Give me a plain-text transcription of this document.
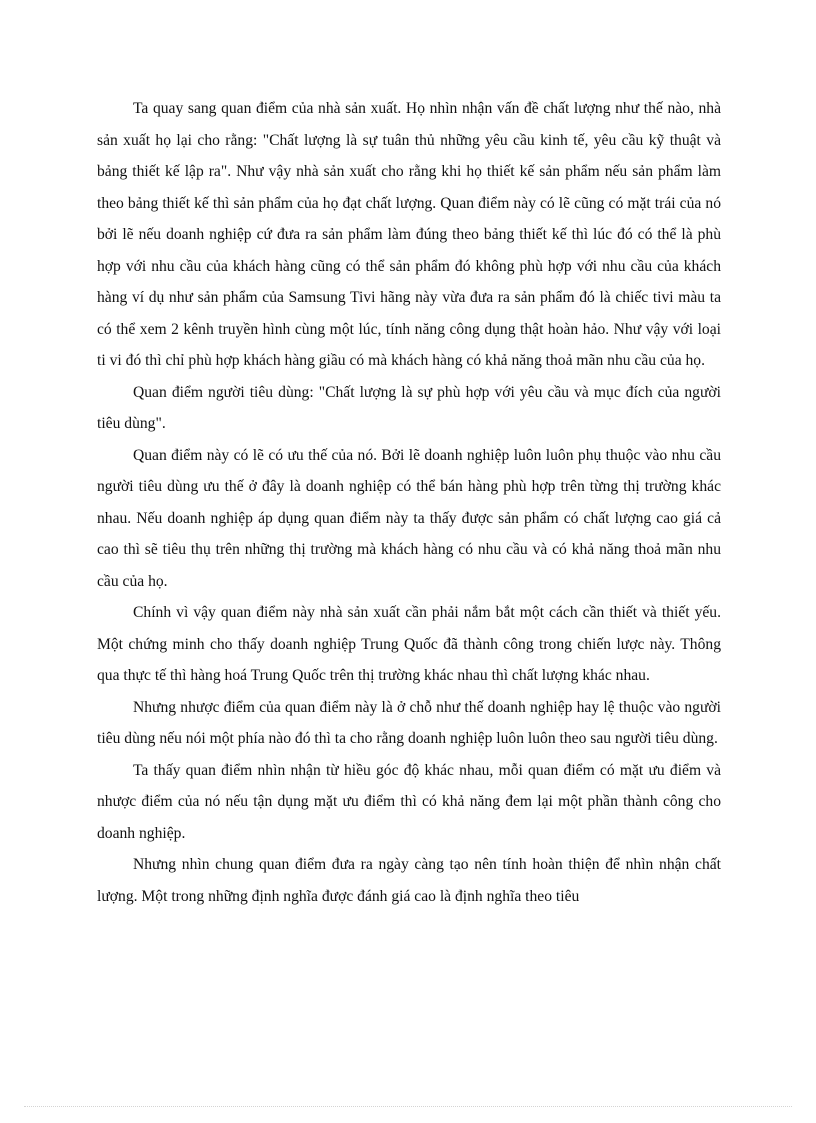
Ta quay sang quan điểm của nhà sản xuất. Họ nhìn nhận vấn đề chất lượng như thế nào, nhà sản xuất họ lại cho rằng: "Chất lượng là sự tuân thủ những yêu cầu kinh tế, yêu cầu kỹ thuật và bảng thiết kế lập ra". Như vậy nhà sản xuất cho rằng khi họ thiết kế sản phẩm nếu sản phẩm làm theo bảng thiết kế thì sản phẩm của họ đạt chất lượng. Quan điểm này có lẽ cũng có mặt trái của nó bởi lẽ nếu doanh nghiệp cứ đưa ra sản phẩm làm đúng theo bảng thiết kế thì lúc đó có thể là phù hợp với nhu cầu của khách hàng cũng có thể sản phẩm đó không phù hợp với nhu cầu của khách hàng ví dụ như sản phẩm của Samsung Tivi hãng này vừa đưa ra sản phẩm đó là chiếc tivi màu ta có thể xem 2 kênh truyền hình cùng một lúc, tính năng công dụng thật hoàn hảo. Như vậy với loại ti vi đó thì chỉ phù hợp khách hàng giầu có mà khách hàng có khả năng thoả mãn nhu cầu của họ.

Quan điểm người tiêu dùng: "Chất lượng là sự phù hợp với yêu cầu và mục đích của người tiêu dùng".

Quan điểm này có lẽ có ưu thế của nó. Bởi lẽ doanh nghiệp luôn luôn phụ thuộc vào nhu cầu người tiêu dùng ưu thế ở đây là doanh nghiệp có thể bán hàng phù hợp trên từng thị trường khác nhau. Nếu doanh nghiệp áp dụng quan điểm này ta thấy được sản phẩm có chất lượng cao giá cả cao thì sẽ tiêu thụ trên những thị trường mà khách hàng có nhu cầu và có khả năng thoả mãn nhu cầu của họ.

Chính vì vậy quan điểm này nhà sản xuất cần phải nắm bắt một cách cần thiết và thiết yếu. Một chứng minh cho thấy doanh nghiệp Trung Quốc đã thành công trong chiến lược này. Thông qua thực tế thì hàng hoá Trung Quốc trên thị trường khác nhau thì chất lượng khác nhau.

Nhưng nhược điểm của quan điểm này là ở chỗ như thế doanh nghiệp hay lệ thuộc vào người tiêu dùng nếu nói một phía nào đó thì ta cho rằng doanh nghiệp luôn luôn theo sau người tiêu dùng.

Ta thấy quan điểm nhìn nhận từ hiều góc độ khác nhau, mỗi quan điểm có mặt ưu điểm và nhược điểm của nó nếu tận dụng mặt ưu điểm thì có khả năng đem lại một phần thành công cho doanh nghiệp.

Nhưng nhìn chung quan điểm đưa ra ngày càng tạo nên tính hoàn thiện để nhìn nhận chất lượng. Một trong những định nghĩa được đánh giá cao là định nghĩa theo tiêu
